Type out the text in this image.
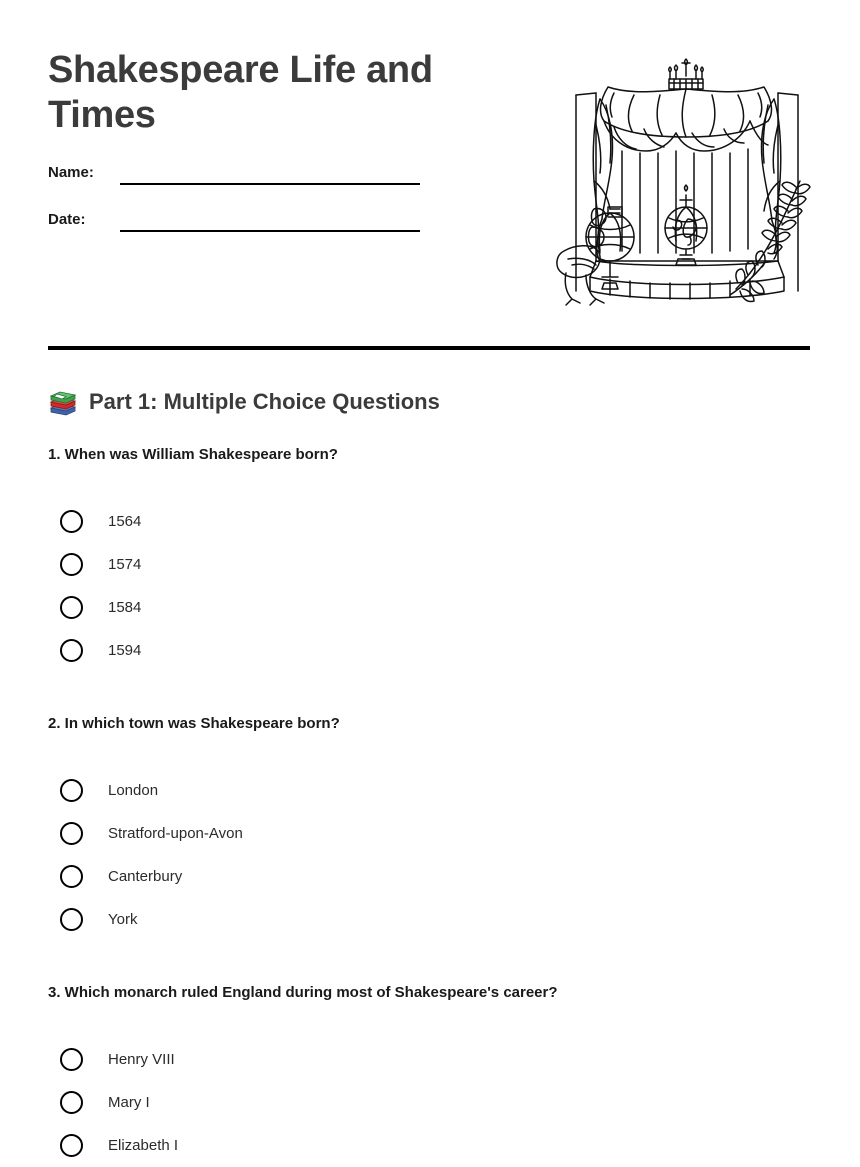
Shakespeare Life and Times
Name:
Date:
Part 1: Multiple Choice Questions
1. When was William Shakespeare born?
1564
1574
1584
1594
2. In which town was Shakespeare born?
London
Stratford-upon-Avon
Canterbury
York
3. Which monarch ruled England during most of Shakespeare's career?
Henry VIII
Mary I
Elizabeth I
